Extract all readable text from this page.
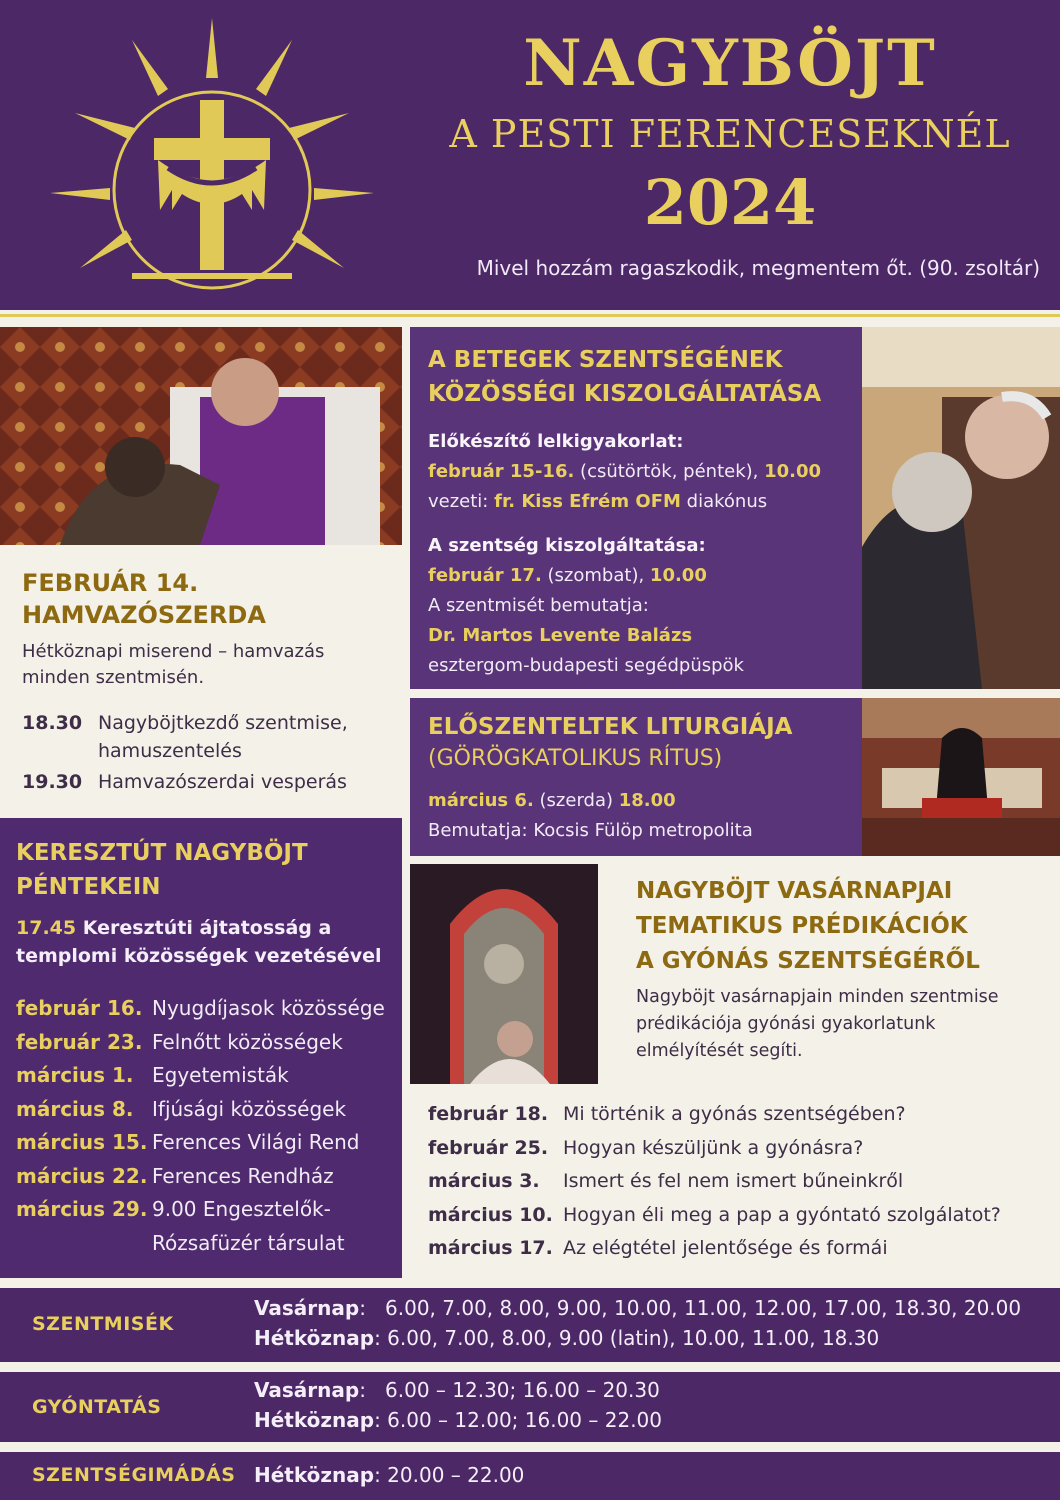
NAGYBÖJT
A PESTI FERENCESEKNÉL
2024
Mivel hozzám ragaszkodik, megmentem őt. (90. zsoltár)
FEBRUÁR 14.
HAMVAZÓSZERDA
Hétköznapi miserend – hamvazás minden szentmisén.
18.30 Nagyböjtkezdő szentmise,
hamuszentelés
19.30 Hamvazószerdai vesperás
KERESZTÚT NAGYBÖJT
PÉNTEKEIN
17.45 Keresztúti ájtatosság a
templomi közösségek vezetésével
február 16. Nyugdíjasok közössége
február 23. Felnőtt közösségek
március 1. Egyetemisták
március 8. Ifjúsági közösségek
március 15. Ferences Világi Rend
március 22. Ferences Rendház
március 29. 9.00 Engesztelők-
Rózsafüzér társulat
A BETEGEK SZENTSÉGÉNEK
KÖZÖSSÉGI KISZOLGÁLTATÁSA
Előkészítő lelkigyakorlat:
február 15-16. (csütörtök, péntek), 10.00
vezeti: fr. Kiss Efrém OFM diakónus
A szentség kiszolgáltatása:
február 17. (szombat), 10.00
A szentmisét bemutatja:
Dr. Martos Levente Balázs
esztergom-budapesti segédpüspök
ELŐSZENTELTEK LITURGIÁJA
(GÖRÖGKATOLIKUS RÍTUS)
március 6. (szerda) 18.00
Bemutatja: Kocsis Fülöp metropolita
NAGYBÖJT VASÁRNAPJAI
TEMATIKUS PRÉDIKÁCIÓK
A GYÓNÁS SZENTSÉGÉRŐL
Nagyböjt vasárnapjain minden szentmise
prédikációja gyónási gyakorlatunk
elmélyítését segíti.
február 18. Mi történik a gyónás szentségében?
február 25. Hogyan készüljünk a gyónásra?
március 3.	Ismert és fel nem ismert bűneinkről
március 10. Hogyan éli meg a pap a gyóntató szolgálatot?
március 17. Az elégtétel jelentősége és formái
SZENTMISÉK
Vasárnap:   6.00, 7.00, 8.00, 9.00, 10.00, 11.00, 12.00, 17.00, 18.30, 20.00
Hétköznap: 6.00, 7.00, 8.00, 9.00 (latin), 10.00, 11.00, 18.30
GYÓNTATÁS
Vasárnap:   6.00 – 12.30; 16.00 – 20.30
Hétköznap: 6.00 – 12.00; 16.00 – 22.00
SZENTSÉGIMÁDÁS Hétköznap: 20.00 – 22.00
